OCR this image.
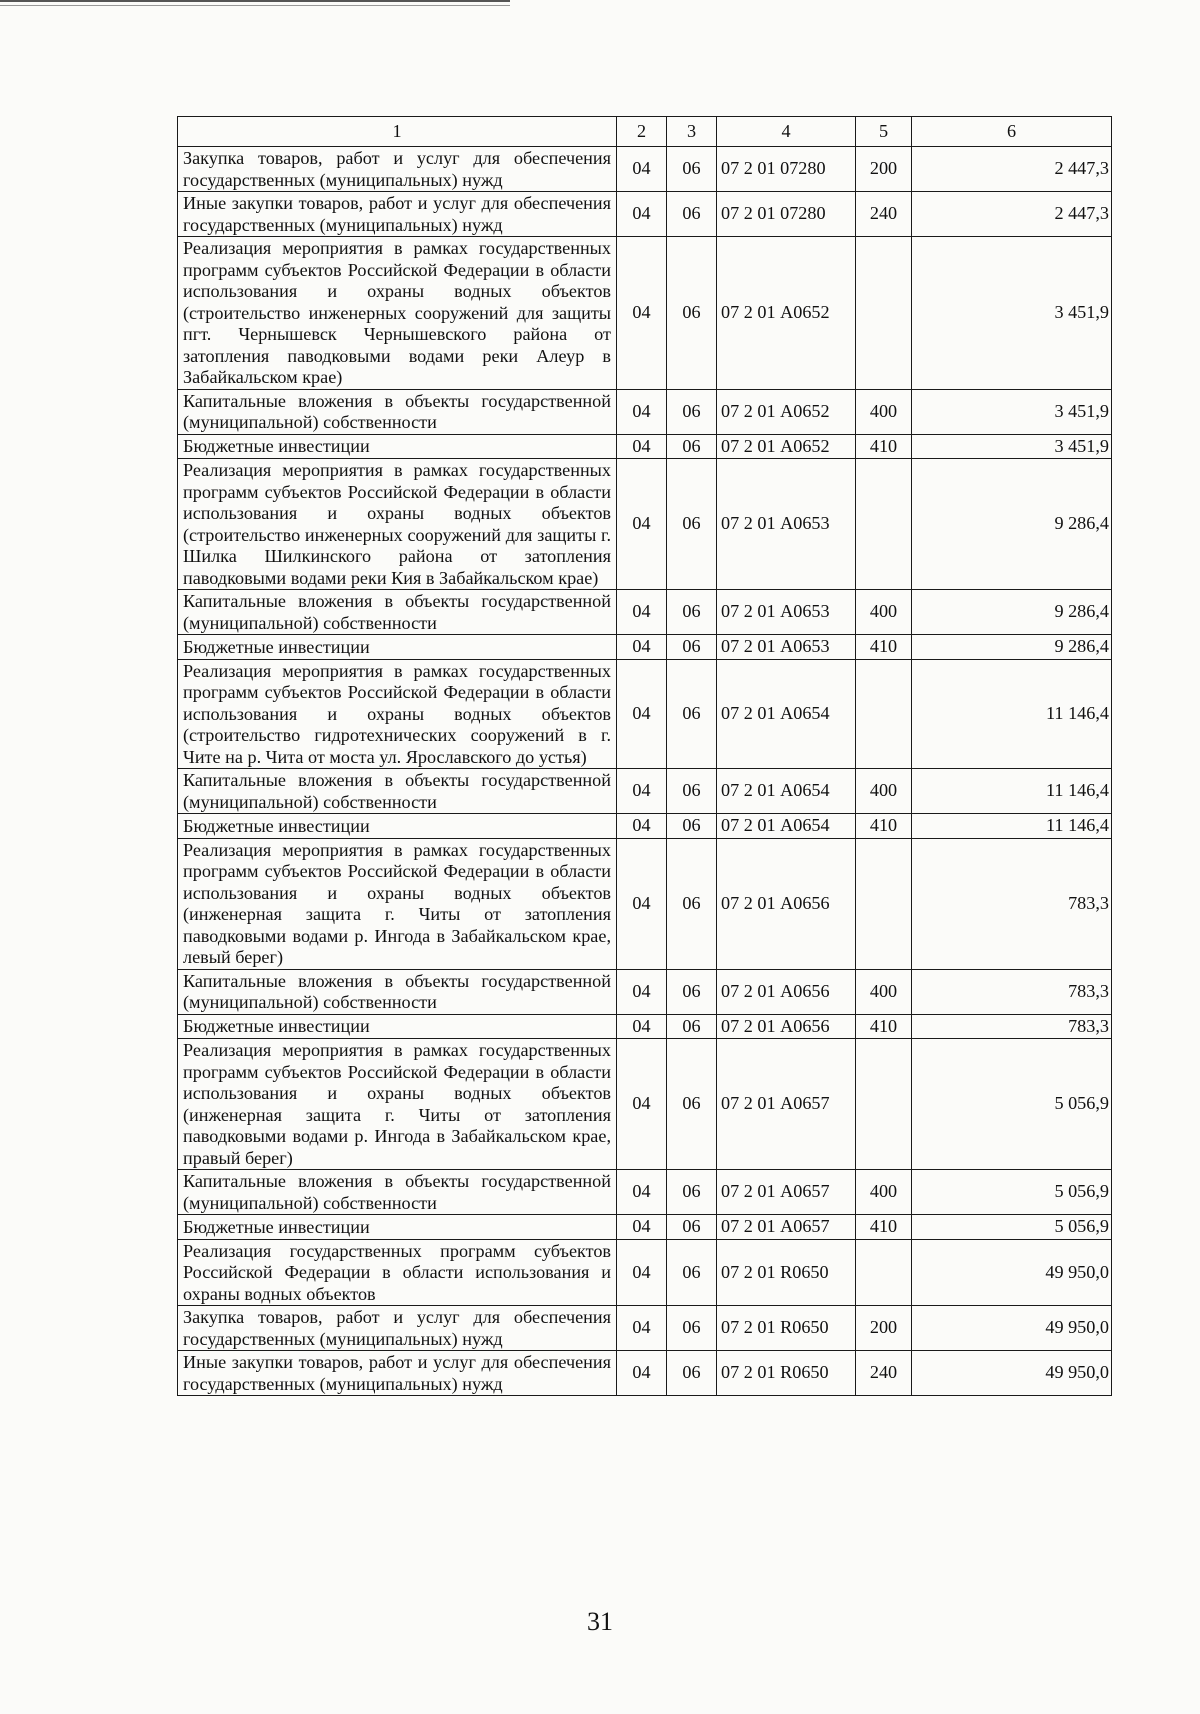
1	2	3	4	5	6
Закупка товаров, работ и услуг для обеспечения государственных (муниципальных) нужд	04	06	07 2 01 07280	200	2 447,3
Иные закупки товаров, работ и услуг для обеспечения государственных (муниципальных) нужд	04	06	07 2 01 07280	240	2 447,3
Реализация мероприятия в рамках государственных программ субъектов Российской Федерации в области использования и охраны водных объектов (строительство инженерных сооружений для защиты пгт. Чернышевск Чернышевского района от затопления паводковыми водами реки Алеур в Забайкальском крае)	04	06	07 2 01 А0652		3 451,9
Капитальные вложения в объекты государственной (муниципальной) собственности	04	06	07 2 01 А0652	400	3 451,9
Бюджетные инвестиции	04	06	07 2 01 А0652	410	3 451,9
Реализация мероприятия в рамках государственных программ субъектов Российской Федерации в области использования и охраны водных объектов (строительство инженерных сооружений для защиты г. Шилка Шилкинского района от затопления паводковыми водами реки Кия в Забайкальском крае)	04	06	07 2 01 А0653		9 286,4
Капитальные вложения в объекты государственной (муниципальной) собственности	04	06	07 2 01 А0653	400	9 286,4
Бюджетные инвестиции	04	06	07 2 01 А0653	410	9 286,4
Реализация мероприятия в рамках государственных программ субъектов Российской Федерации в области использования и охраны водных объектов (строительство гидротехнических сооружений в г. Чите на р. Чита от моста ул. Ярославского до устья)	04	06	07 2 01 А0654		11 146,4
Капитальные вложения в объекты государственной (муниципальной) собственности	04	06	07 2 01 А0654	400	11 146,4
Бюджетные инвестиции	04	06	07 2 01 А0654	410	11 146,4
Реализация мероприятия в рамках государственных программ субъектов Российской Федерации в области использования и охраны водных объектов (инженерная защита г. Читы от затопления паводковыми водами р. Ингода в Забайкальском крае, левый берег)	04	06	07 2 01 А0656		783,3
Капитальные вложения в объекты государственной (муниципальной) собственности	04	06	07 2 01 А0656	400	783,3
Бюджетные инвестиции	04	06	07 2 01 А0656	410	783,3
Реализация мероприятия в рамках государственных программ субъектов Российской Федерации в области использования и охраны водных объектов (инженерная защита г. Читы от затопления паводковыми водами р. Ингода в Забайкальском крае, правый берег)	04	06	07 2 01 А0657		5 056,9
Капитальные вложения в объекты государственной (муниципальной) собственности	04	06	07 2 01 А0657	400	5 056,9
Бюджетные инвестиции	04	06	07 2 01 А0657	410	5 056,9
Реализация государственных программ субъектов Российской Федерации в области использования и охраны водных объектов	04	06	07 2 01 R0650		49 950,0
Закупка товаров, работ и услуг для обеспечения государственных (муниципальных) нужд	04	06	07 2 01 R0650	200	49 950,0
Иные закупки товаров, работ и услуг для обеспечения государственных (муниципальных) нужд	04	06	07 2 01 R0650	240	49 950,0
31
